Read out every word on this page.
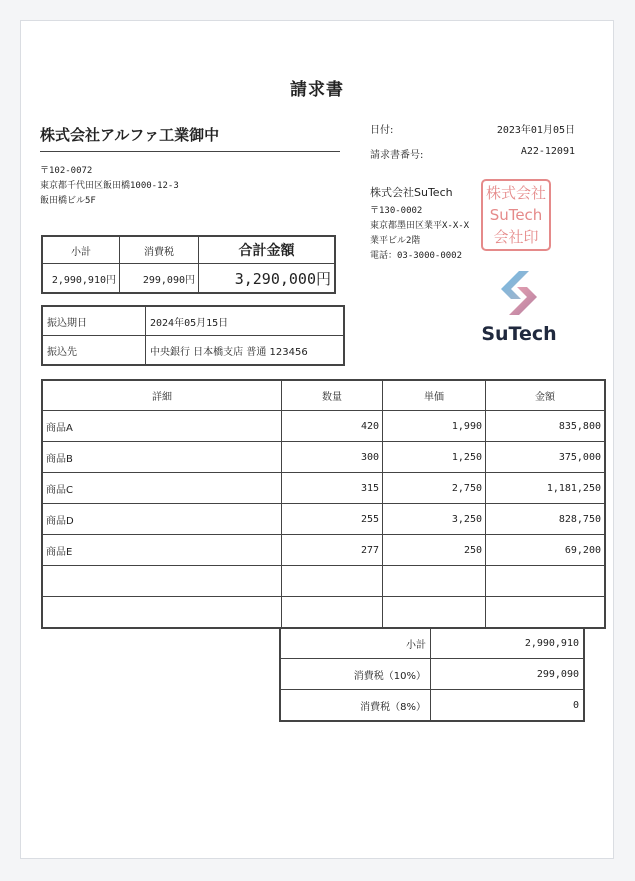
請求書
株式会社アルファ工業御中
〒102-0072
東京都千代田区飯田橋1000-12-3
飯田橋ビル5F
日付:	2023年01月05日
請求書番号:	A22-12091
株式会社SuTech
〒130-0002
東京都墨田区業平X-X-X
業平ビル2階
電話：03-3000-0002
株式会社
SuTech
会社印
SuTech
小計	消費税	合計金額
2,990,910円	299,090円	3,290,000円
振込期日	2024年05月15日
振込先	中央銀行 日本橋支店 普通 123456
詳細	数量	単価	金額
商品A	420	1,990	835,800
商品B	300	1,250	375,000
商品C	315	2,750	1,181,250
商品D	255	3,250	828,750
商品E	277	250	69,200

小計	2,990,910
消費税（10%）	299,090
消費税（8%）	0
